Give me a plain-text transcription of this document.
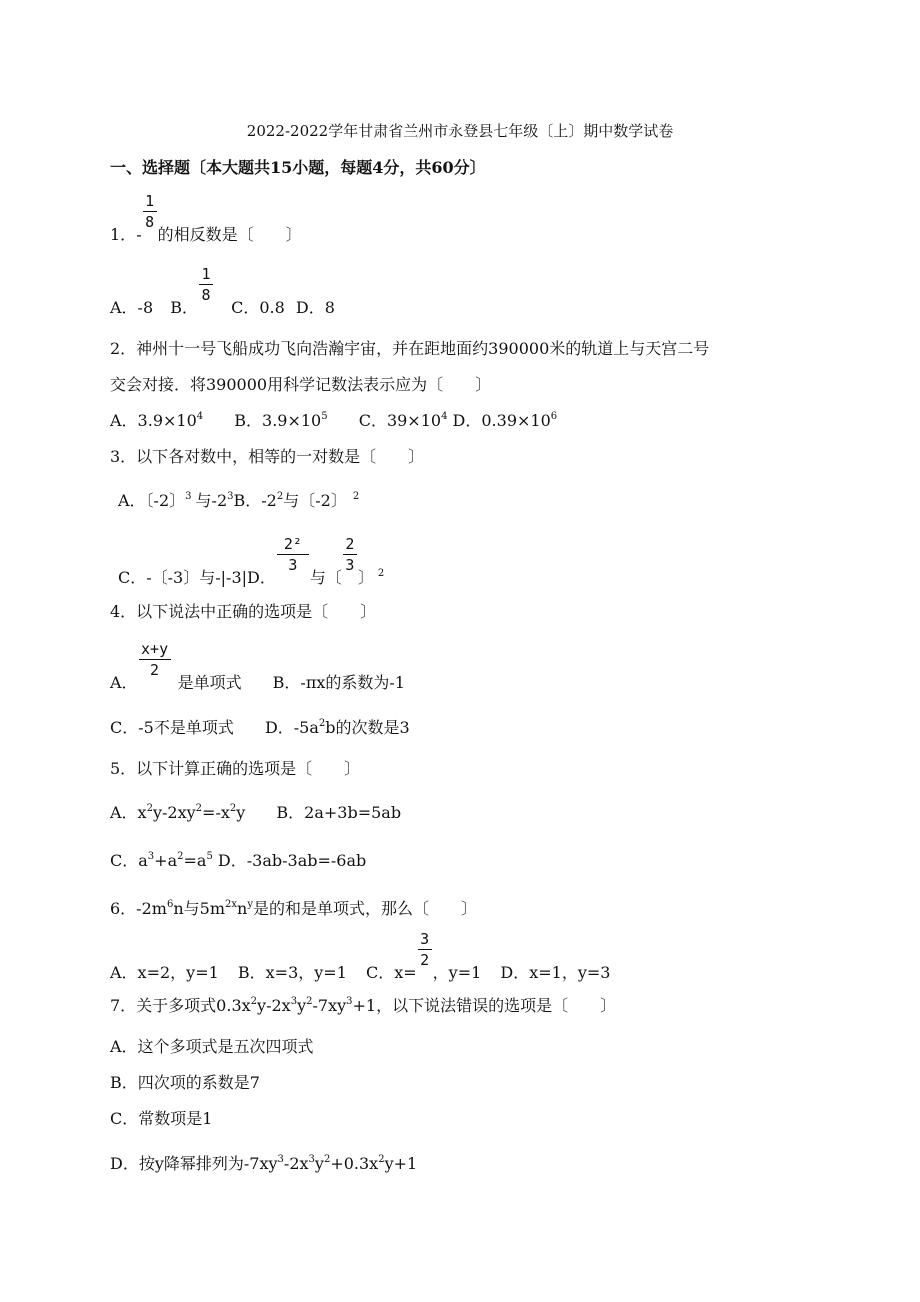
2022-2022学年甘肃省兰州市永登县七年级〔上〕期中数学试卷
一、选择题〔本大题共15小题，每题4分，共60分〕
1．- $\frac{1}{8}$ 的相反数是〔　　〕
A．-8 B． $\frac{1}{8}$ C．0.8 D．8
2．神州十一号飞船成功飞向浩瀚宇宙，并在距地面约390000米的轨道上与天宫二号
交会对接．将390000用科学记数法表示应为〔　　〕
A．$3.9\times 10^4$ B．$3.9\times 10^5$ C．$39\times 10^4$ D．$0.39\times 10^6$
3．以下各对数中，相等的一对数是〔　　〕
A．〔-2〕$^3$ 与$-2^3B$．$-2^2$与〔-2〕 $^2$
C．-〔-3〕与-|-3|D． $\frac{\text{2²}}{3}$ 与〔 $\frac{2}{3}$ 〕 $^2$
4．以下说法中正确的选项是〔　　〕
A． $\frac{x+y}{2}$ 是单项式 B．-πx的系数为-1
C．-5不是单项式 D．$-5a^2b$的次数是3
5．以下计算正确的选项是〔　　〕
A．$x^2y-2xy^2=-x^2y$ B．2a+3b=5ab
C．$a^3+a^2=a^5$ D．-3ab-3ab=-6ab
6．$-2m^6n$与$5m^{2x}n^y$是的和是单项式，那么〔　　〕
A．x=2，y=1 B．x=3，y=1 C．$x= \frac{3}{2}$ ，y=1 D．x=1，y=3
7．关于多项式$0.3x^2y-2x^3y^2-7xy^3+1$，以下说法错误的选项是〔　　〕
A．这个多项式是五次四项式
B．四次项的系数是7
C．常数项是1
D．按y降幂排列为$-7xy^3-2x^3y^2+0.3x^2y+1$
